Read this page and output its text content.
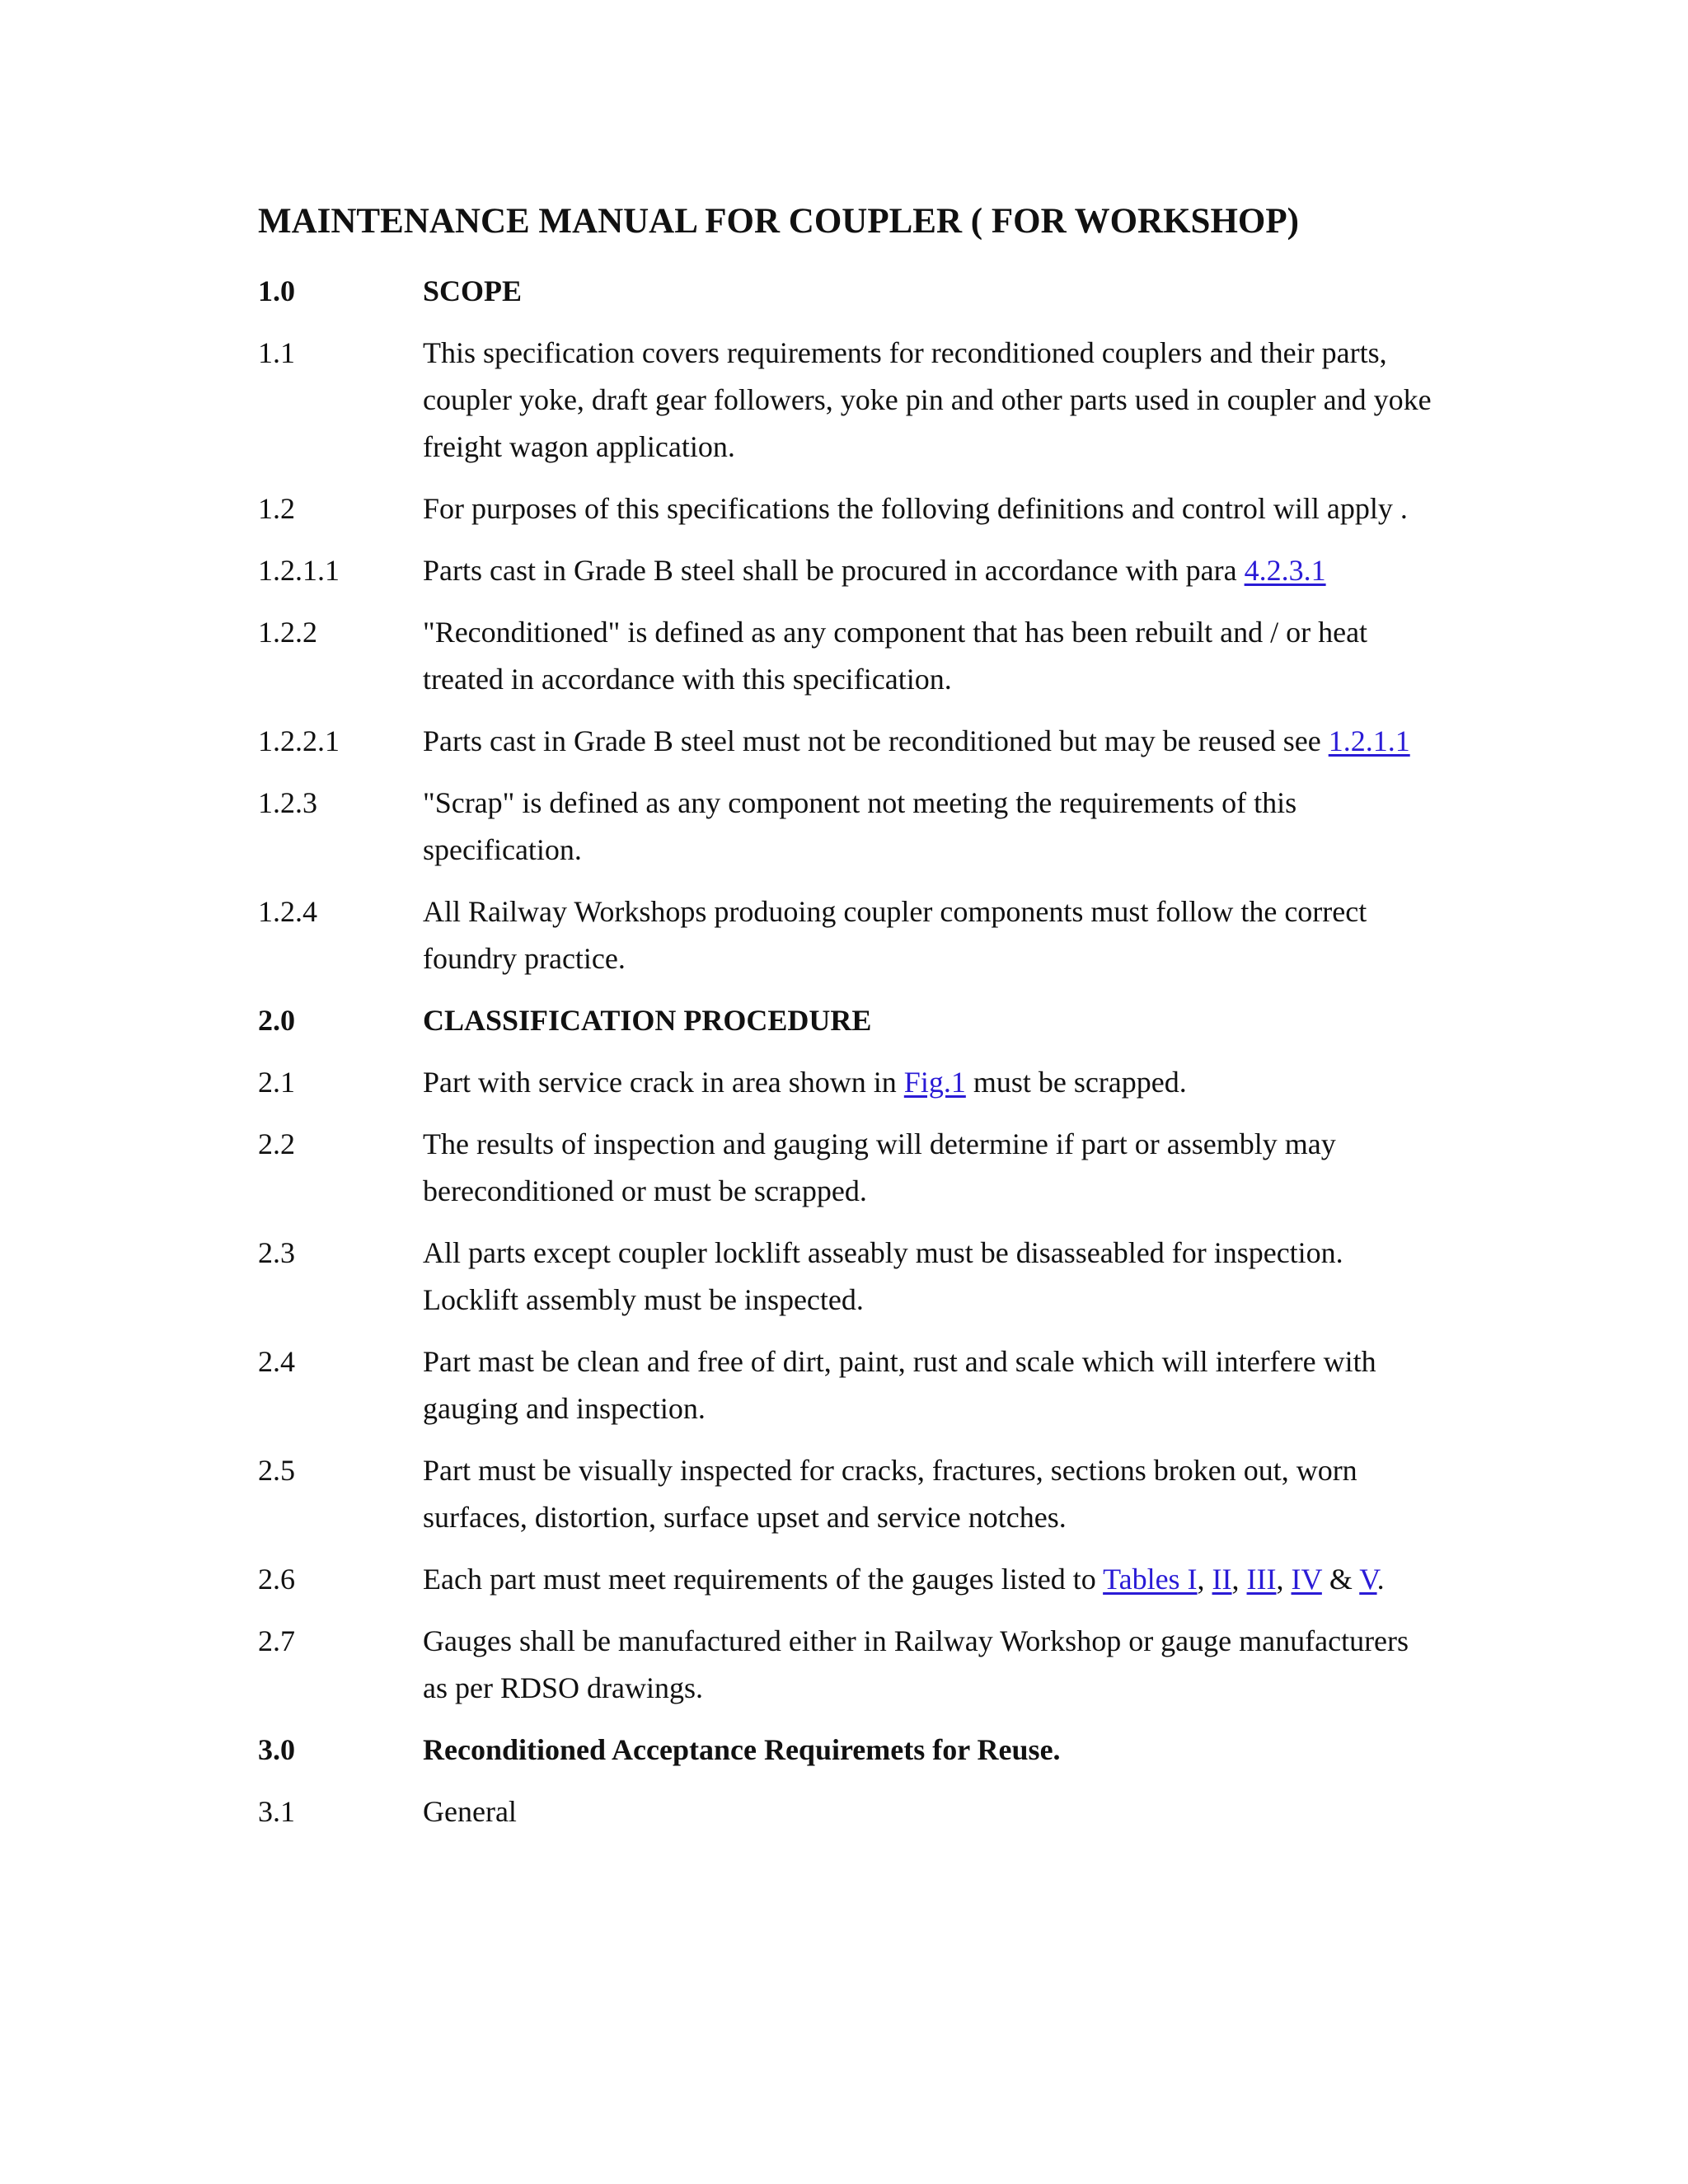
MAINTENANCE MANUAL FOR COUPLER ( FOR WORKSHOP)
1.0	SCOPE
1.1	This specification covers requirements for reconditioned couplers and their parts, coupler yoke, draft gear followers, yoke pin and other parts used in coupler and yoke freight wagon application.
1.2	For purposes of this specifications the folloving definitions and control will apply .
1.2.1.1	Parts cast in Grade B steel shall be procured in accordance with para 4.2.3.1
1.2.2	"Reconditioned" is defined as any component that has been rebuilt and / or heat treated in accordance with this specification.
1.2.2.1	Parts cast in Grade B steel must not be reconditioned but may be reused see 1.2.1.1
1.2.3	"Scrap" is defined as any component not meeting the requirements of this specification.
1.2.4	All Railway Workshops produoing coupler components must follow the correct foundry practice.
2.0	CLASSIFICATION PROCEDURE
2.1	Part with service crack in area shown in Fig.1 must be scrapped.
2.2	The results of inspection and gauging will determine if part or assembly may bereconditioned or must be scrapped.
2.3	All parts except coupler locklift asseably must be disasseabled for inspection. Locklift assembly must be inspected.
2.4	Part mast be clean and free of dirt, paint, rust and scale which will interfere with gauging and inspection.
2.5	Part must be visually inspected for cracks, fractures, sections broken out, worn surfaces, distortion, surface upset and service notches.
2.6	Each part must meet requirements of the gauges listed to Tables I, II, III, IV & V.
2.7	Gauges shall be manufactured either in Railway Workshop or gauge manufacturers as per RDSO drawings.
3.0	Reconditioned Acceptance Requiremets for Reuse.
3.1	General
